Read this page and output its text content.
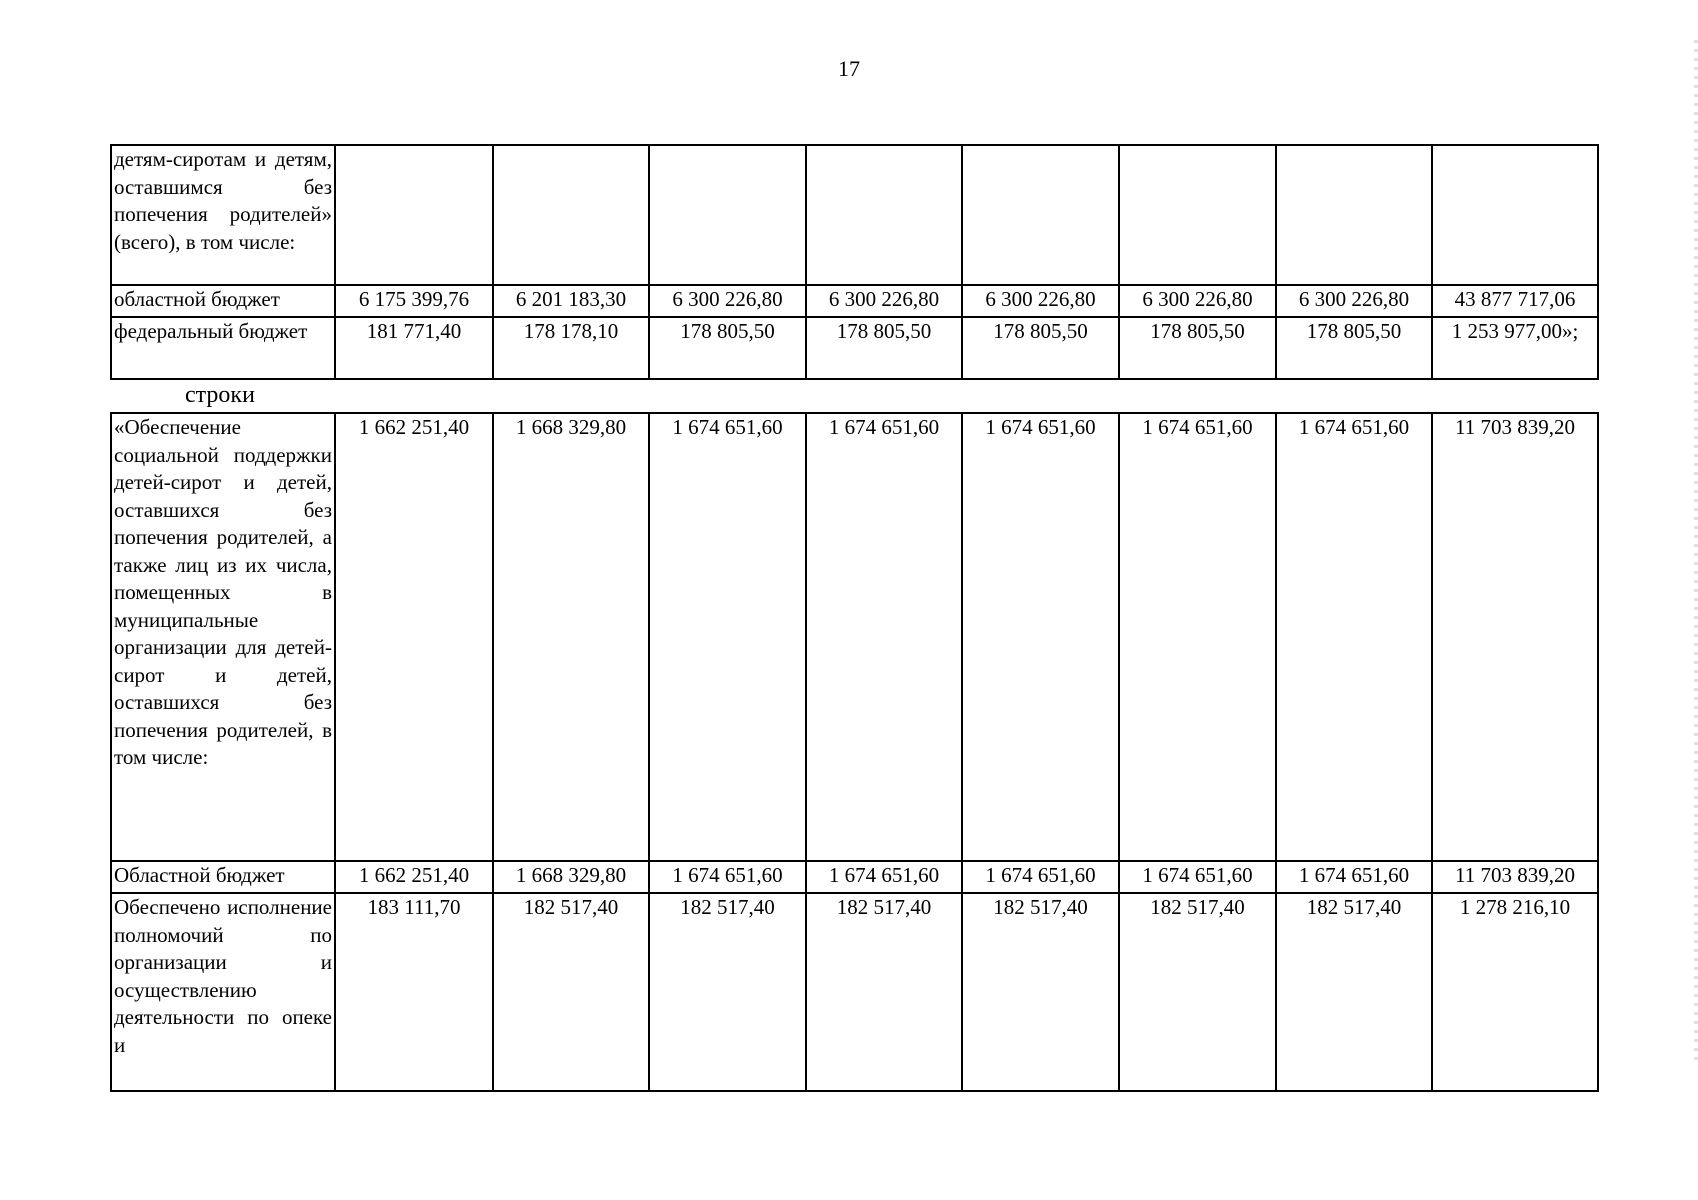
17
детям-сиротам и детям, оставшимся без попечения родителей» (всего), в том числе:								
областной бюджет	6 175 399,76	6 201 183,30	6 300 226,80	6 300 226,80	6 300 226,80	6 300 226,80	6 300 226,80	43 877 717,06
федеральный бюджет	181 771,40	178 178,10	178 805,50	178 805,50	178 805,50	178 805,50	178 805,50	1 253 977,00»;
строки
«Обеспечение социальной поддержки детей-сирот и детей, оставшихся без попечения родителей, а также лиц из их числа, помещенных в муниципальные организации для детей-сирот и детей, оставшихся без попечения родителей, в том числе:	1 662 251,40	1 668 329,80	1 674 651,60	1 674 651,60	1 674 651,60	1 674 651,60	1 674 651,60	11 703 839,20
Областной бюджет	1 662 251,40	1 668 329,80	1 674 651,60	1 674 651,60	1 674 651,60	1 674 651,60	1 674 651,60	11 703 839,20
Обеспечено исполнение полномочий по организации и осуществлению деятельности по опеке и	183 111,70	182 517,40	182 517,40	182 517,40	182 517,40	182 517,40	182 517,40	1 278 216,10
